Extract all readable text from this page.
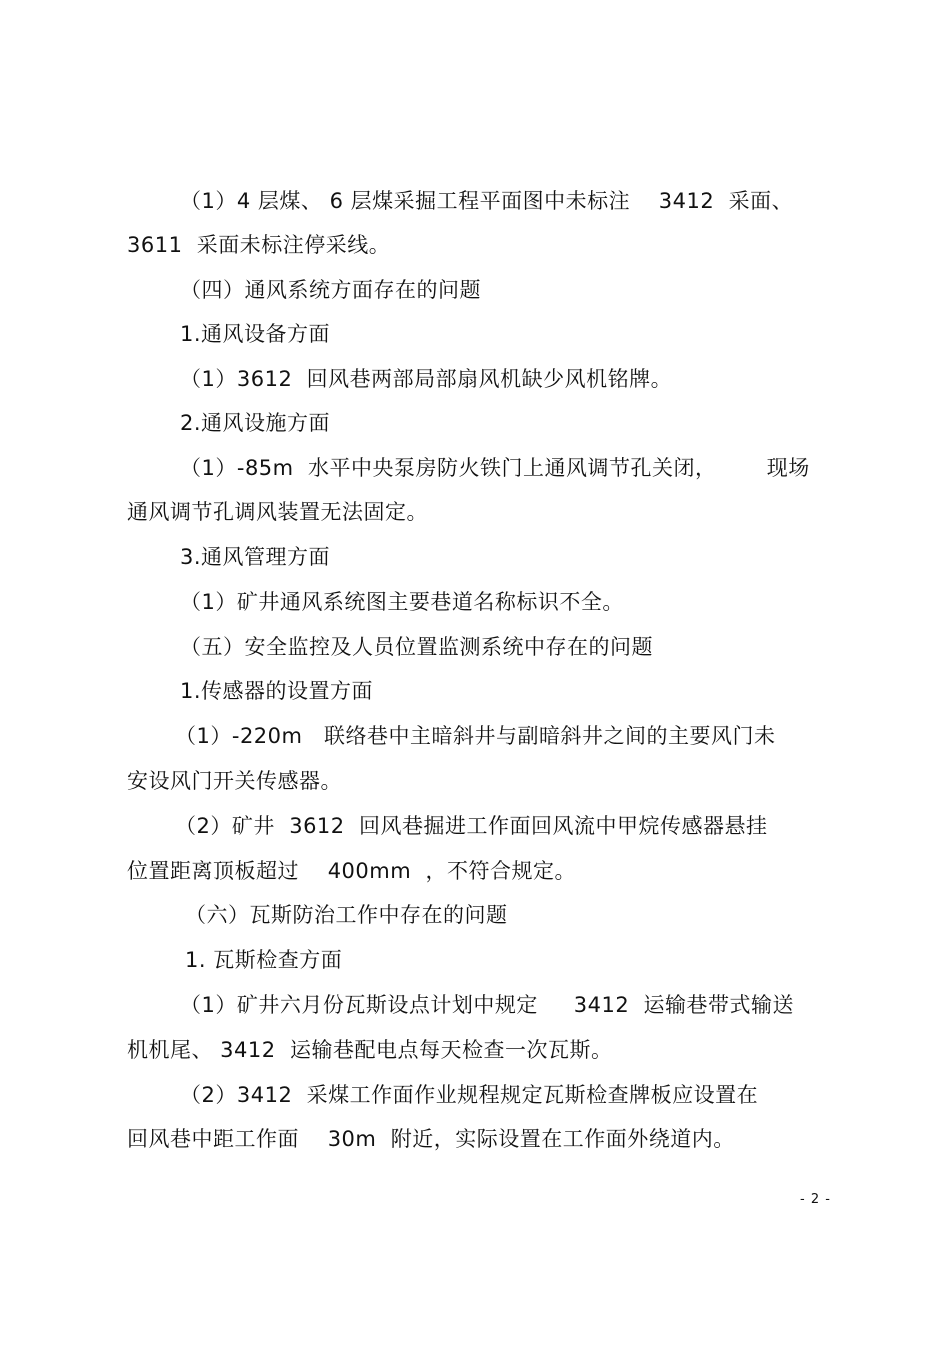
（1）4 层煤、 6 层煤采掘工程平面图中未标注    3412  采面、
3611  采面未标注停采线。
（四）通风系统方面存在的问题
1.通风设备方面
（1）3612  回风巷两部局部扇风机缺少风机铭牌。
2.通风设施方面
（1）-85m  水平中央泵房防火铁门上通风调节孔关闭，       现场
通风调节孔调风装置无法固定。
3.通风管理方面
（1）矿井通风系统图主要巷道名称标识不全。
（五）安全监控及人员位置监测系统中存在的问题
1.传感器的设置方面
（1）-220m   联络巷中主暗斜井与副暗斜井之间的主要风门未
安设风门开关传感器。
（2）矿井  3612  回风巷掘进工作面回风流中甲烷传感器悬挂
位置距离顶板超过    400mm  ，不符合规定。
（六）瓦斯防治工作中存在的问题
1. 瓦斯检查方面
（1）矿井六月份瓦斯设点计划中规定     3412  运输巷带式输送
机机尾、 3412  运输巷配电点每天检查一次瓦斯。
（2）3412  采煤工作面作业规程规定瓦斯检查牌板应设置在
回风巷中距工作面    30m  附近，实际设置在工作面外绕道内。
- 2 -
